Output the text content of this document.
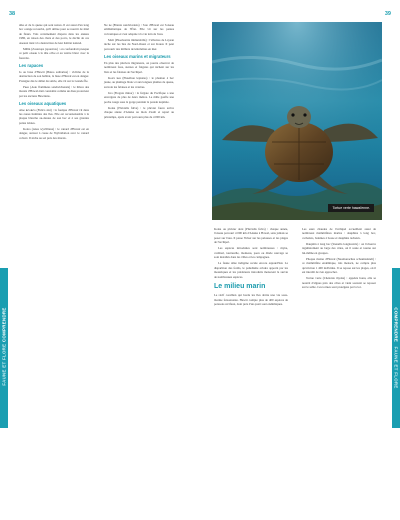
38	39
FAUNE ET FLORE COMPRENDRE	COMPRENDRE FAUNE ET FLORE

aîko et de la queue qui sont noires. Il est aussi d'un long bec orange recourbé, qu'il utilise pour se nourrir de miel de fleurs. Très certainement disparu dans les années 1980, en raison des chats et des porcs, le déclin de ces oiseaux tient à la destruction de leur habitat naturel.

Mâlin (Zosterops japonicus) : on confondrait presque ce petit oiseau à la tête olive et au ventre blanc avec la fauvette.

Les rapaces

Io ou buse d'Hawaï (Buteo solitarius) : victime de la destruction de son habitat, la buse d'Hawaï est en danger. Protégée dès le début du siècle, elle vit sur la Grande Île.

Pueo (Asio flammeus sandwichensis) : le hibou des marais d'Hawaï était considéré comme un dieu protecteur par les anciens Hawaïens.

Les oiseaux aquatiques

Alae ke'oke'o (Fulica alai) : la foulque d'Hawaï vit dans les zones humides des îles. Elle est reconnaissable à la plaque blanche au-dessus de son bec et à ses grandes pattes lobées.

Koloa (Anas wyvilliana) : le canard d'Hawaï est en danger, surtout à cause de l'hybridation avec le canard colvert. Il niche au sol près des marais.

Ne ne (Branta sandvicensis) : l'oie d'Hawaï est l'oiseau emblématique de l'État. Elle vit sur les pentes volcaniques et s'est adaptée à la vie loin de l'eau.

Moli (Phoebastria immutabilis) : l'albatros de Laysan niche sur les îles du Nord-Ouest et sur Kauai. Il peut parcourir des milliers de kilomètres en mer.

Les oiseaux marins et migrateurs

En plus des pluviers migrateurs, on pourra observer de nombreux fous, sternes et frégates qui nichent sur les îlots et les falaises de l'archipel.

Koa'e kea (Phaethon lepturus) : le phaéton à bec jaune, au plumage blanc et aux longues plumes de queue, survole les falaises et les cratères.

Iwa (Fregata minor) : la frégate du Pacifique a une envergure de plus de deux mètres. Le mâle gonfle une poche rouge sous la gorge pendant la parade nuptiale.

Kolea (Pluvialis fulva) : le pluvier fauve arrive chaque année d'Alaska au mois d'août et repart au printemps, après avoir parcouru plus de 4 000 km.

Tortue verte hawaïenne.

Kolea ou pluvier doré (Pluvialis fulva) : chaque année, l'oiseau parcourt 4 000 km d'Alaska à Hawaï, sans jamais se poser sur l'eau. Il passe l'hiver sur les pelouses et les plages de l'archipel.

Les espèces introduites sont nombreuses : myna, cardinal, tourterelle, moineau, paon ou dinde sauvage se sont installés dans les villes et les campagnes.

La faune ailée indigène recule encore aujourd'hui. La disparition des forêts, le paludisme aviaire apporté par les moustiques et les prédateurs introduits menacent la survie de nombreuses espèces.

Le milieu marin

Le récif corallien qui borde les îles abrite une vie sous-marine foisonnante. Hawaï compte plus de 400 espèces de poissons récifaux, dont près d'un quart sont endémiques.

Les eaux chaudes de l'archipel accueillent aussi de nombreux mammifères marins : dauphins à long bec, cachalots, baleines à bosse et dauphins tachetés.

Dauphin à long bec (Stenella longirostris) : on l'observe régulièrement au large des côtes, où il saute et tourne sur lui-même en groupes.

Phoque moine d'Hawaï (Neomonachus schauinslandi) : ce mammifère endémique, très menacé, ne compte plus qu'environ 1 400 individus. Il se repose sur les plages, où il est interdit de s'en approcher.

Tortue verte (Chelonia mydas) : appelée honu, elle se nourrit d'algues près des côtes et vient souvent se reposer sur le sable. Ces tortues sont protégées par la loi.
